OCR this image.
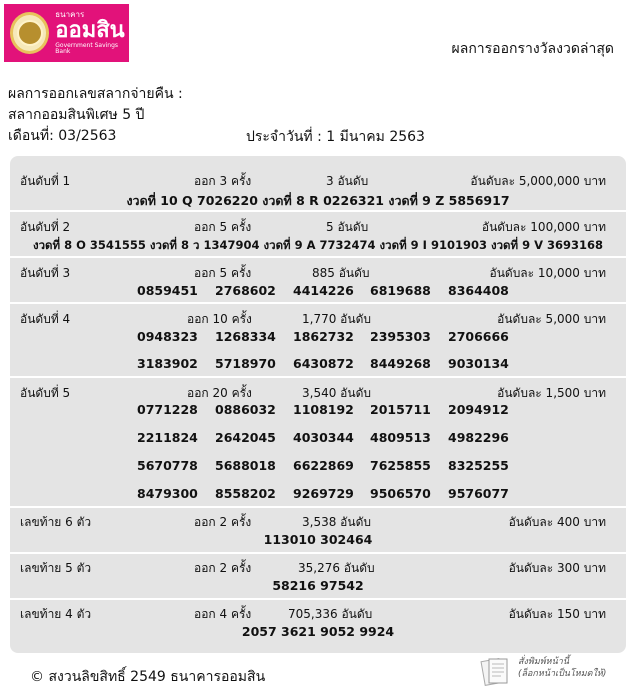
ธนาคาร
ออมสิน
Government Savings Bank	ผลการออกรางวัลงวดล่าสุด
ผลการออกเลขสลากจ่ายคืน :
สลากออมสินพิเศษ 5 ปี
เดือนที่: 03/2563	ประจำวันที่ : 1 มีนาคม 2563
อันดับที่ 1	ออก 3 ครั้ง	3 อันดับ	อันดับละ 5,000,000 บาท
งวดที่ 10 Q 7026220 งวดที่ 8 R 0226321 งวดที่ 9 Z 5856917
อันดับที่ 2	ออก 5 ครั้ง	5 อันดับ	อันดับละ 100,000 บาท
งวดที่ 8 O 3541555 งวดที่ 8 ว 1347904 งวดที่ 9 A 7732474 งวดที่ 9 I 9101903 งวดที่ 9 V 3693168
อันดับที่ 3	ออก 5 ครั้ง	885 อันดับ	อันดับละ 10,000 บาท
0859451 2768602 4414226 6819688 8364408
อันดับที่ 4	ออก 10 ครั้ง	1,770 อันดับ	อันดับละ 5,000 บาท
0948323 1268334 1862732 2395303 2706666
3183902 5718970 6430872 8449268 9030134
อันดับที่ 5	ออก 20 ครั้ง	3,540 อันดับ	อันดับละ 1,500 บาท
0771228 0886032 1108192 2015711 2094912
2211824 2642045 4030344 4809513 4982296
5670778 5688018 6622869 7625855 8325255
8479300 8558202 9269729 9506570 9576077
เลขท้าย 6 ตัว	ออก 2 ครั้ง	3,538 อันดับ	อันดับละ 400 บาท
113010 302464
เลขท้าย 5 ตัว	ออก 2 ครั้ง	35,276 อันดับ	อันดับละ 300 บาท
58216 97542
เลขท้าย 4 ตัว	ออก 4 ครั้ง	705,336 อันดับ	อันดับละ 150 บาท
2057 3621 9052 9924
© สงวนลิขสิทธิ์ 2549 ธนาคารออมสิน
สั่งพิมพ์หน้านี้
(ล็อกหน้าเป็นโหมดให้)
